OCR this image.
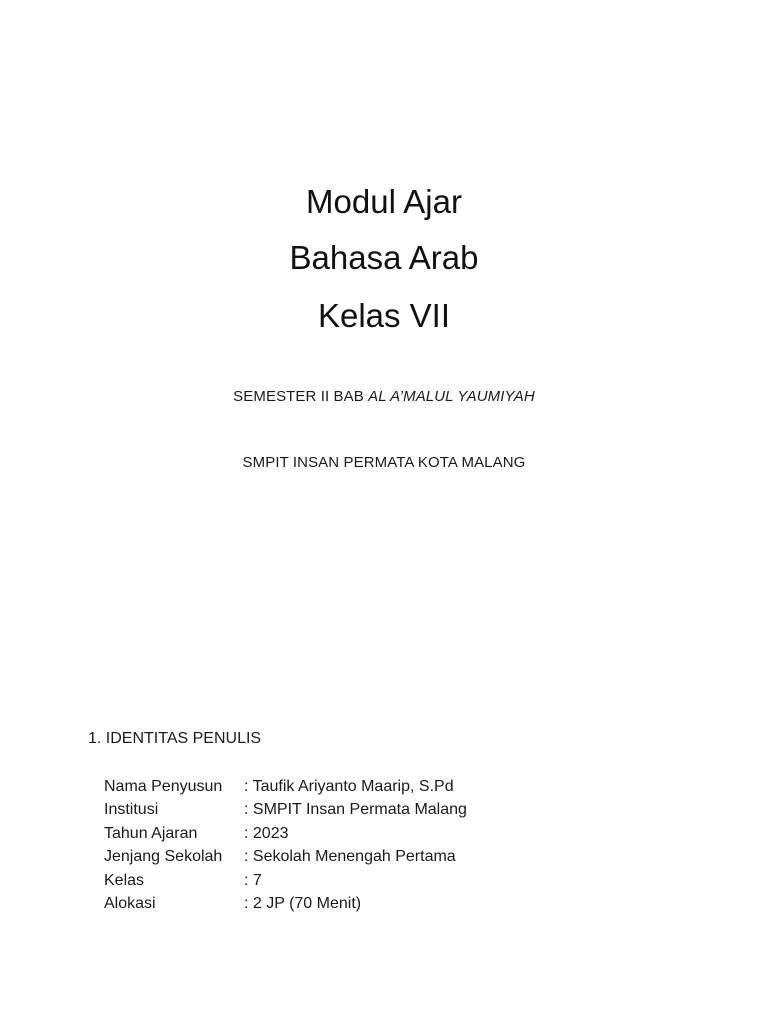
Modul Ajar
Bahasa Arab
Kelas VII
SEMESTER II BAB AL A’MALUL YAUMIYAH
SMPIT INSAN PERMATA KOTA MALANG
1. IDENTITAS PENULIS
Nama Penyusun	: Taufik Ariyanto Maarip, S.Pd
Institusi	: SMPIT Insan Permata Malang
Tahun Ajaran	: 2023
Jenjang Sekolah	: Sekolah Menengah Pertama
Kelas	: 7
Alokasi	: 2 JP (70 Menit)
